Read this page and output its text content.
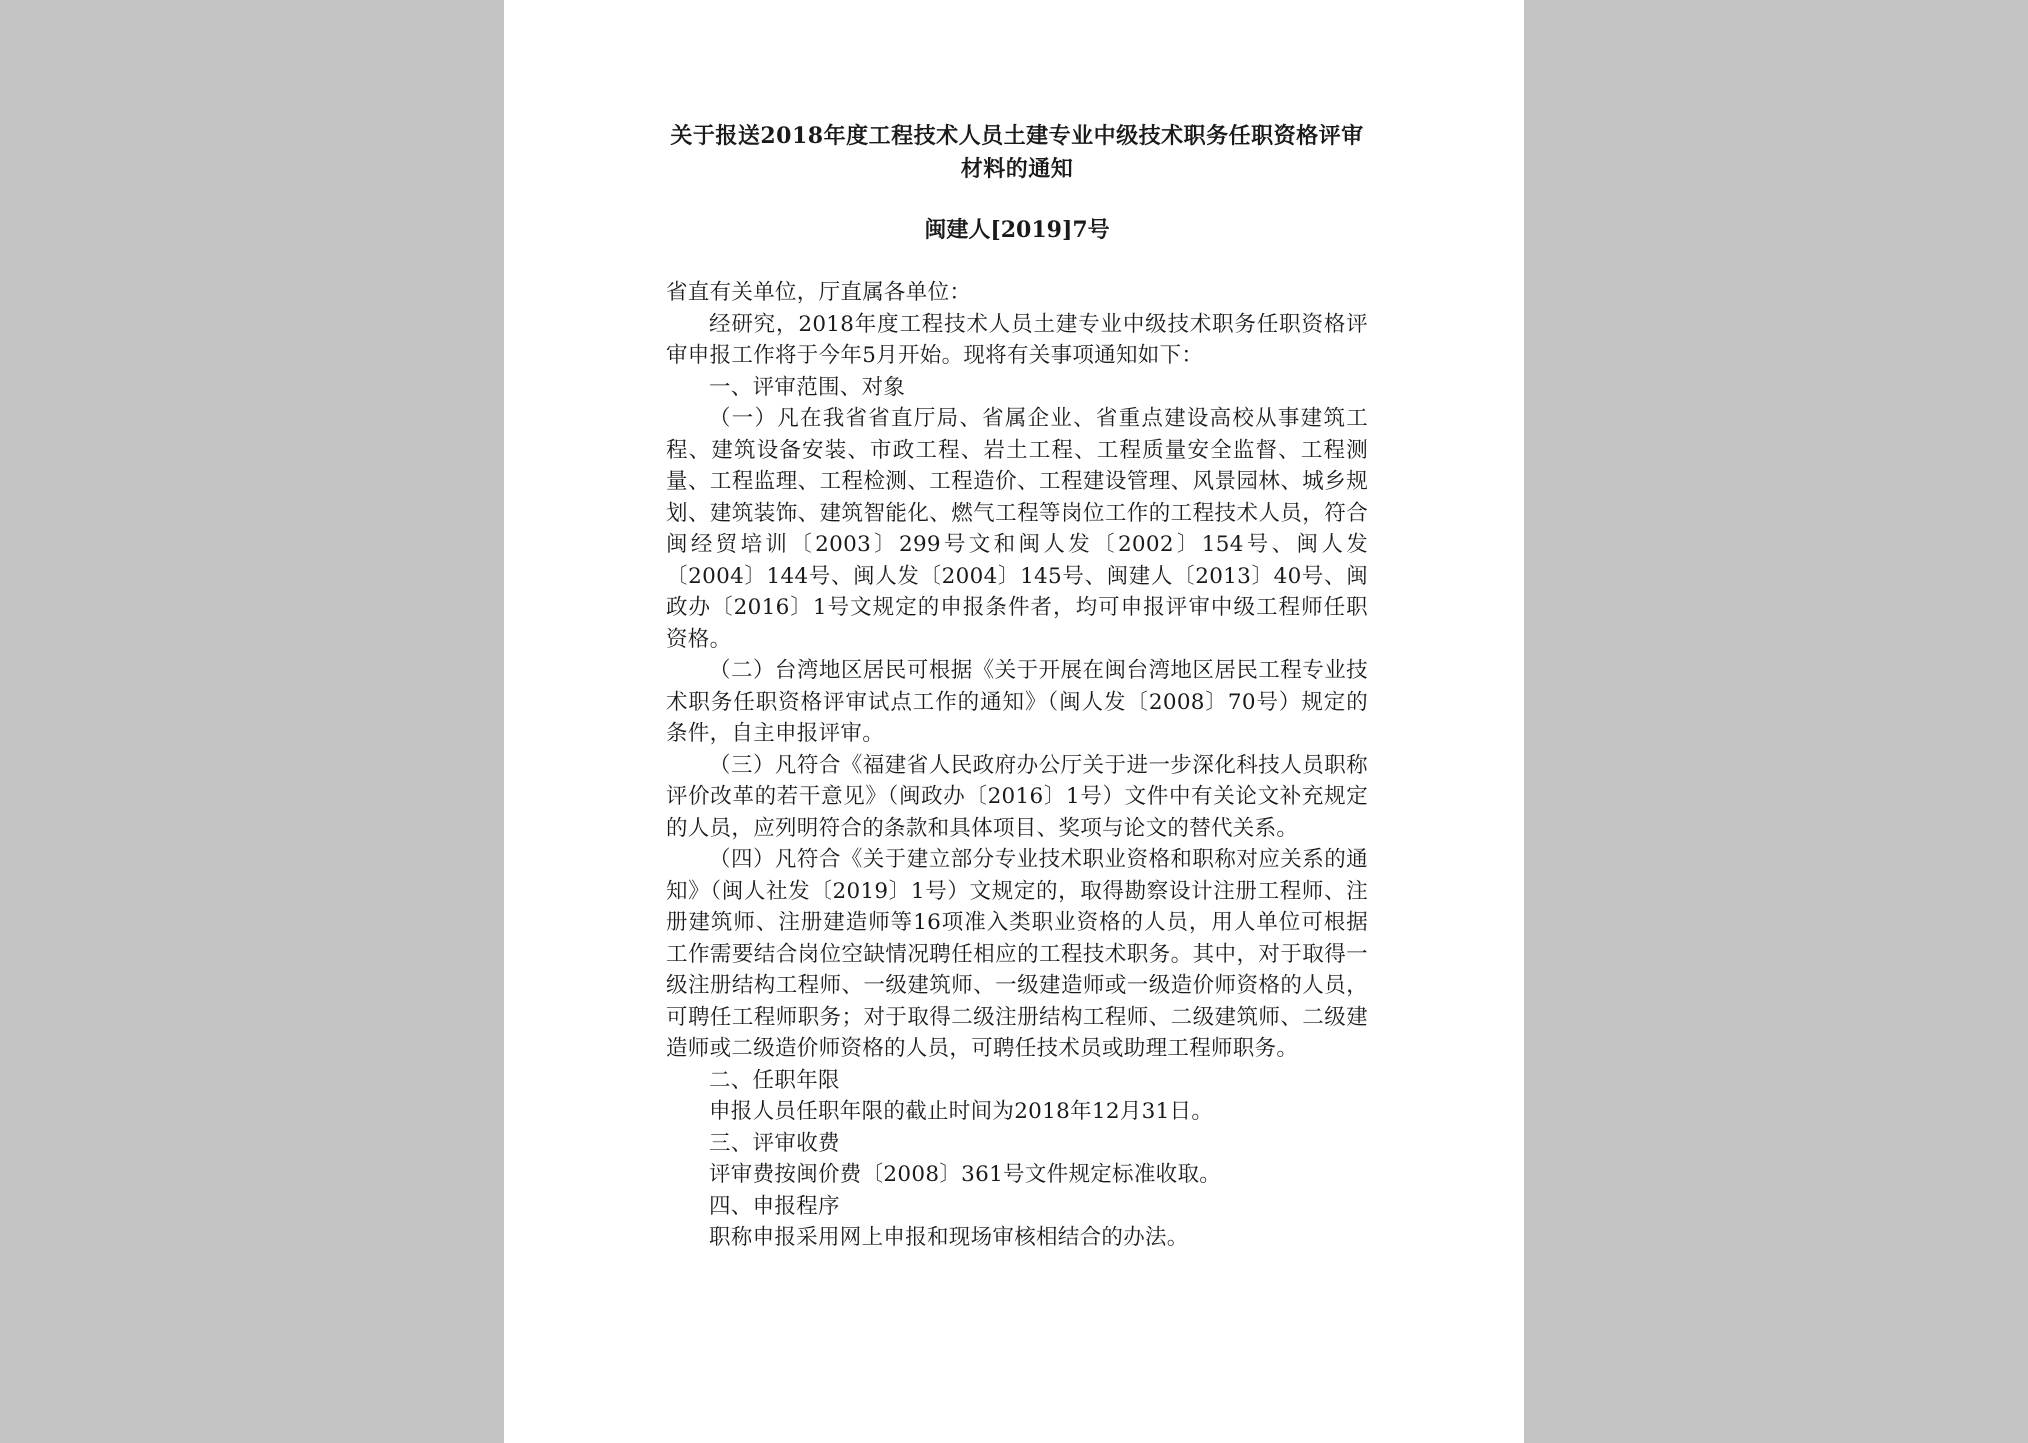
关于报送2018年度工程技术人员土建专业中级技术职务任职资格评审材料的通知
闽建人[2019]7号

省直有关单位，厅直属各单位：

经研究，2018年度工程技术人员土建专业中级技术职务任职资格评审申报工作将于今年5月开始。现将有关事项通知如下：

一、评审范围、对象

（一）凡在我省省直厅局、省属企业、省重点建设高校从事建筑工程、建筑设备安装、市政工程、岩土工程、工程质量安全监督、工程测量、工程监理、工程检测、工程造价、工程建设管理、风景园林、城乡规划、建筑装饰、建筑智能化、燃气工程等岗位工作的工程技术人员，符合闽经贸培训〔2003〕299号文和闽人发〔2002〕154号、闽人发〔2004〕144号、闽人发〔2004〕145号、闽建人〔2013〕40号、闽政办〔2016〕1号文规定的申报条件者，均可申报评审中级工程师任职资格。

（二）台湾地区居民可根据《关于开展在闽台湾地区居民工程专业技术职务任职资格评审试点工作的通知》（闽人发〔2008〕70号）规定的条件，自主申报评审。

（三）凡符合《福建省人民政府办公厅关于进一步深化科技人员职称评价改革的若干意见》（闽政办〔2016〕1号）文件中有关论文补充规定的人员，应列明符合的条款和具体项目、奖项与论文的替代关系。

（四）凡符合《关于建立部分专业技术职业资格和职称对应关系的通知》（闽人社发〔2019〕1号）文规定的，取得勘察设计注册工程师、注册建筑师、注册建造师等16项准入类职业资格的人员，用人单位可根据工作需要结合岗位空缺情况聘任相应的工程技术职务。其中，对于取得一级注册结构工程师、一级建筑师、一级建造师或一级造价师资格的人员，可聘任工程师职务；对于取得二级注册结构工程师、二级建筑师、二级建造师或二级造价师资格的人员，可聘任技术员或助理工程师职务。

二、任职年限

申报人员任职年限的截止时间为2018年12月31日。

三、评审收费

评审费按闽价费〔2008〕361号文件规定标准收取。

四、申报程序

职称申报采用网上申报和现场审核相结合的办法。
